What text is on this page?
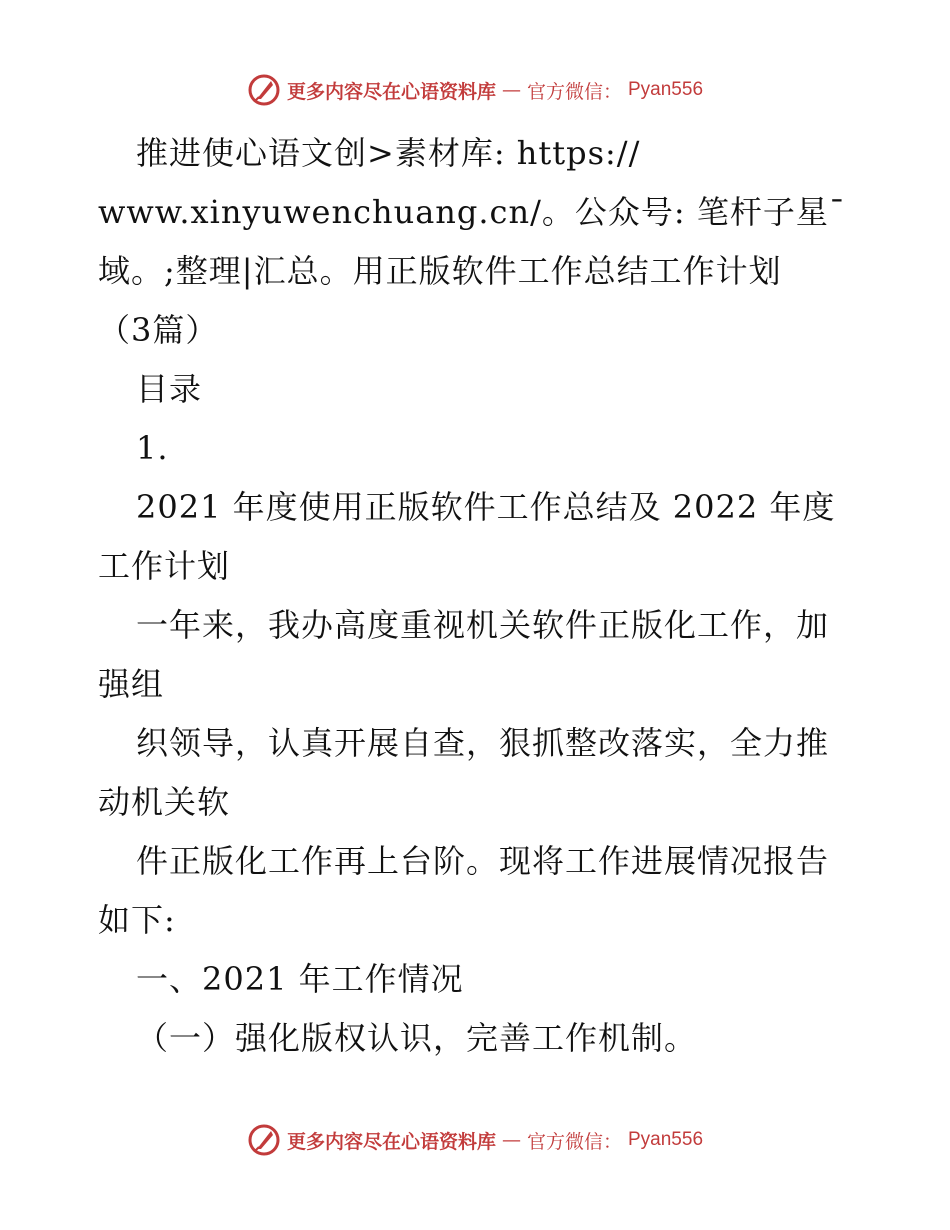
更多内容尽在心语资料库 — 官方微信： Pyan556
推进使心语文创>素材库: https://
www.xinyuwenchuang.cn/。公众号: 笔杆子星¯
域。;整理|汇总。用正版软件工作总结工作计划
（3篇）
目录
1.
2021 年度使用正版软件工作总结及 2022 年度
工作计划
一年来，我办高度重视机关软件正版化工作，加
强组
织领导，认真开展自查，狠抓整改落实，全力推
动机关软
件正版化工作再上台阶。现将工作进展情况报告
如下:
一、2021 年工作情况
（一）强化版权认识，完善工作机制。
更多内容尽在心语资料库 — 官方微信： Pyan556
